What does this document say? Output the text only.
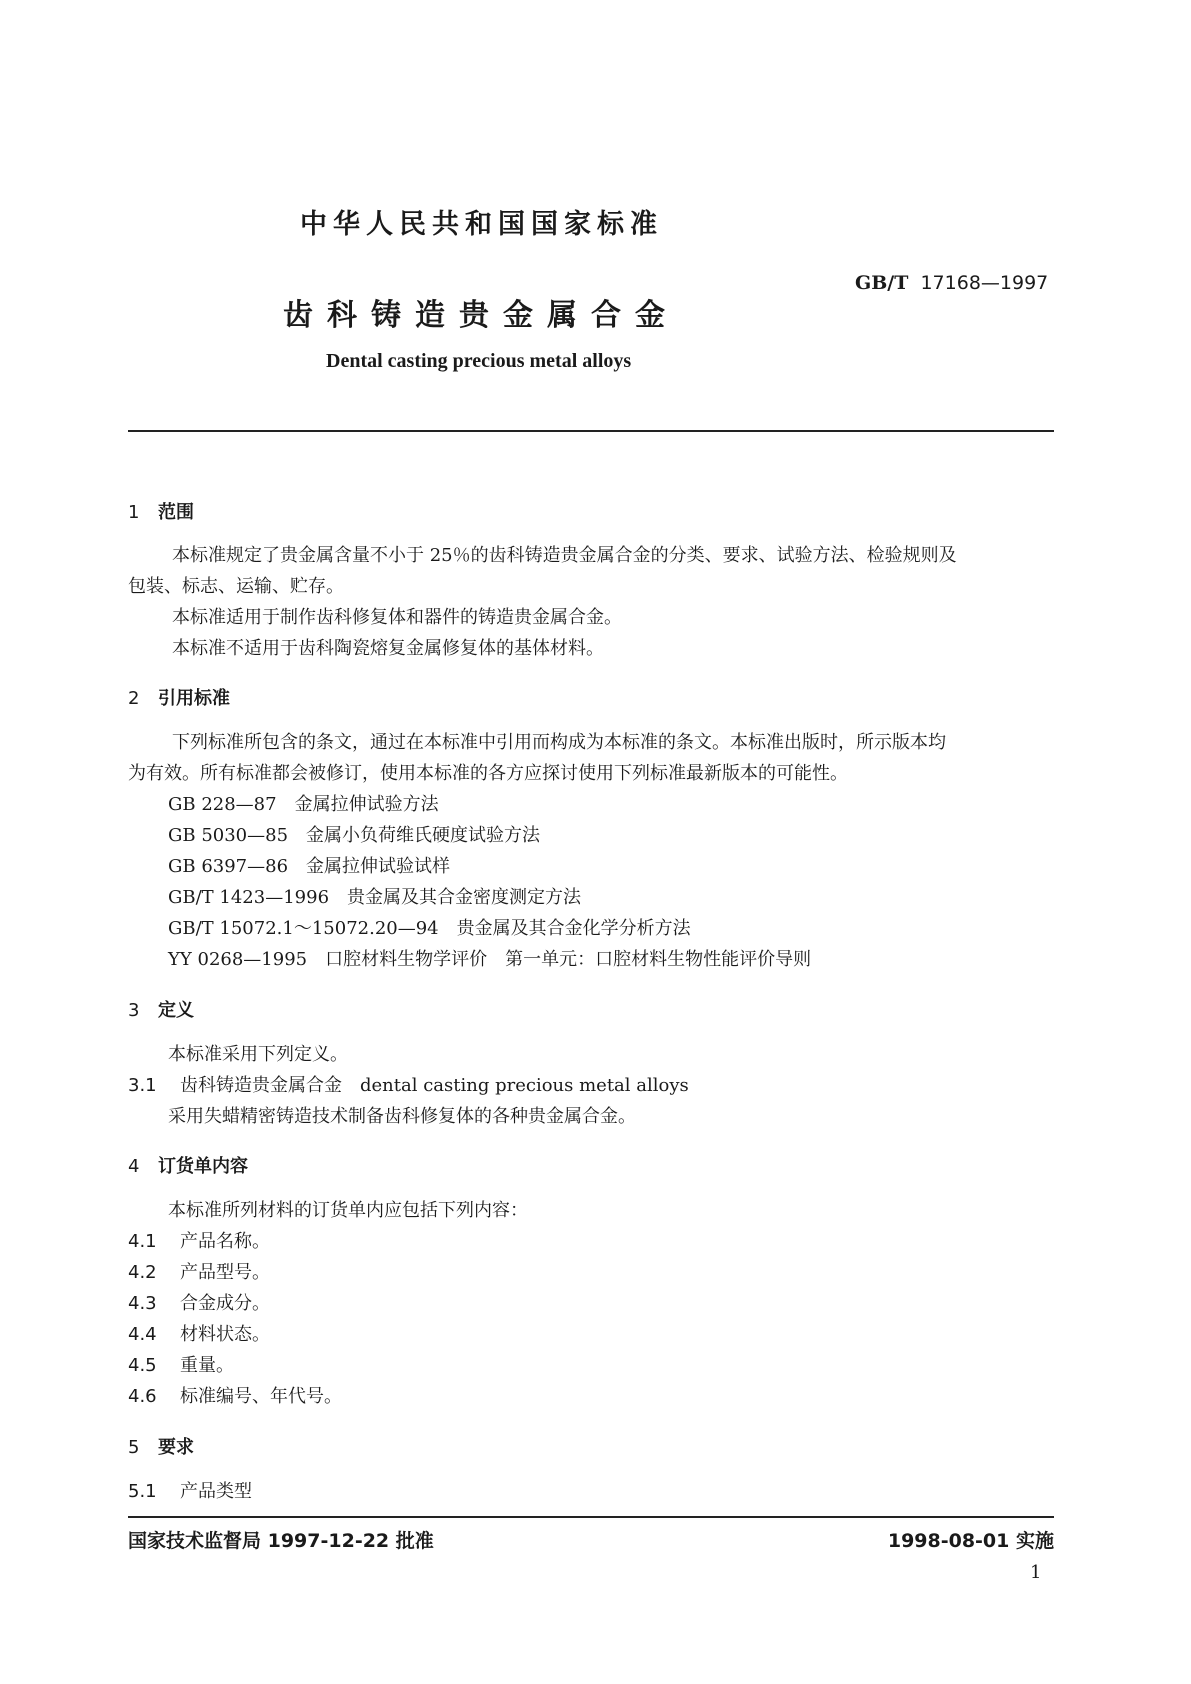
中华人民共和国国家标准
GB/T 17168—1997
齿科铸造贵金属合金
Dental casting precious metal alloys
1 范围
本标准规定了贵金属含量不小于 25％的齿科铸造贵金属合金的分类、要求、试验方法、检验规则及
包装、标志、运输、贮存。
本标准适用于制作齿科修复体和器件的铸造贵金属合金。
本标准不适用于齿科陶瓷熔复金属修复体的基体材料。
2 引用标准
下列标准所包含的条文，通过在本标准中引用而构成为本标准的条文。本标准出版时，所示版本均
为有效。所有标准都会被修订，使用本标准的各方应探讨使用下列标准最新版本的可能性。
GB 228—87　金属拉伸试验方法
GB 5030—85　金属小负荷维氏硬度试验方法
GB 6397—86　金属拉伸试验试样
GB/T 1423—1996　贵金属及其合金密度测定方法
GB/T 15072.1～15072.20—94　贵金属及其合金化学分析方法
YY 0268—1995　口腔材料生物学评价　第一单元：口腔材料生物性能评价导则
3 定义
本标准采用下列定义。
3.1 齿科铸造贵金属合金　dental casting precious metal alloys
采用失蜡精密铸造技术制备齿科修复体的各种贵金属合金。
4 订货单内容
本标准所列材料的订货单内应包括下列内容：
4.1 产品名称。
4.2 产品型号。
4.3 合金成分。
4.4 材料状态。
4.5 重量。
4.6 标准编号、年代号。
5 要求
5.1 产品类型
国家技术监督局 1997-12-22 批准	1998-08-01 实施
1
